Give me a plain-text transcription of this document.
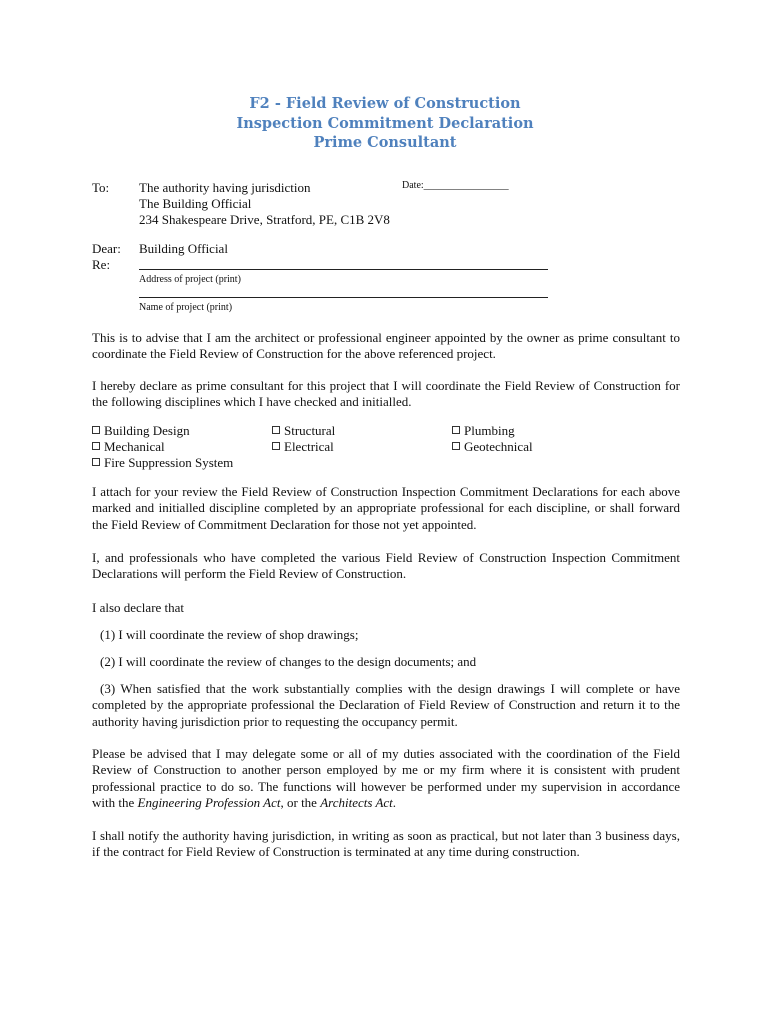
F2 - Field Review of Construction
Inspection Commitment Declaration
Prime Consultant
To: The authority having jurisdiction
The Building Official
234 Shakespeare Drive, Stratford, PE, C1B 2V8
Date:_________________
Dear: Building Official
Re:
Address of project (print)
Name of project (print)

This is to advise that I am the architect or professional engineer appointed by the owner as prime consultant to coordinate the Field Review of Construction for the above referenced project.

I hereby declare as prime consultant for this project that I will coordinate the Field Review of Construction for the following disciplines which I have checked and initialled.

Building Design
Mechanical
Fire Suppression System
Structural
Electrical
Plumbing
Geotechnical

I attach for your review the Field Review of Construction Inspection Commitment Declarations for each above marked and initialled discipline completed by an appropriate professional for each discipline, or shall forward the Field Review of Commitment Declaration for those not yet appointed.

I, and professionals who have completed the various Field Review of Construction Inspection Commitment Declarations will perform the Field Review of Construction.

I also declare that

(1) I will coordinate the review of shop drawings;
(2) I will coordinate the review of changes to the design documents; and

(3) When satisfied that the work substantially complies with the design drawings I will complete or have completed by the appropriate professional the Declaration of Field Review of Construction and return it to the authority having jurisdiction prior to requesting the occupancy permit.

Please be advised that I may delegate some or all of my duties associated with the coordination of the Field Review of Construction to another person employed by me or my firm where it is consistent with prudent professional practice to do so. The functions will however be performed under my supervision in accordance with the Engineering Profession Act, or the Architects Act.

I shall notify the authority having jurisdiction, in writing as soon as practical, but not later than 3 business days, if the contract for Field Review of Construction is terminated at any time during construction.
